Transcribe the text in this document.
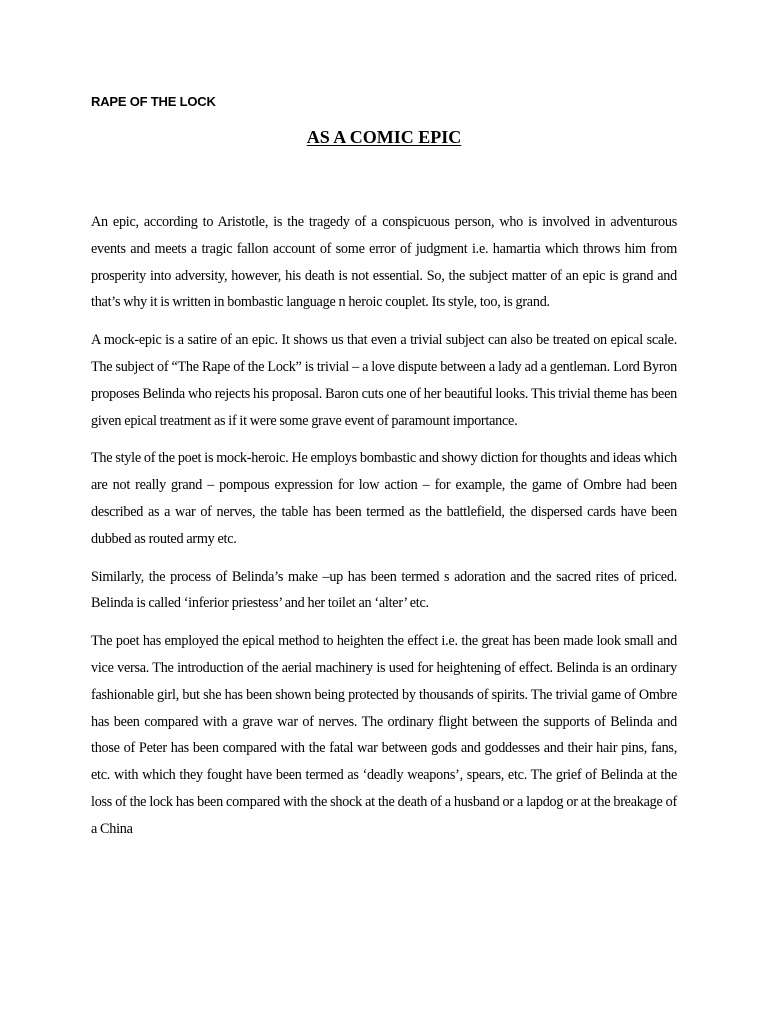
RAPE OF THE LOCK
AS A COMIC EPIC

An epic, according to Aristotle, is the tragedy of a conspicuous person, who is involved in adventurous events and meets a tragic fallon account of some error of judgment i.e. hamartia which throws him from prosperity into adversity, however, his death is not essential. So, the subject matter of an epic is grand and that’s why it is written in bombastic language n heroic couplet. Its style, too, is grand.

A mock-epic is a satire of an epic. It shows us that even a trivial subject can also be treated on epical scale. The subject of “The Rape of the Lock” is trivial – a love dispute between a lady ad a gentleman. Lord Byron proposes Belinda who rejects his proposal. Baron cuts one of her beautiful looks. This trivial theme has been given epical treatment as if it were some grave event of paramount importance.

The style of the poet is mock-heroic. He employs bombastic and showy diction for thoughts and ideas which are not really grand – pompous expression for low action – for example, the game of Ombre had been described as a war of nerves, the table has been termed as the battlefield, the dispersed cards have been dubbed as routed army etc.

Similarly, the process of Belinda’s make –up has been termed s adoration and the sacred rites of priced. Belinda is called ‘inferior priestess’ and her toilet an ‘alter’ etc.

The poet has employed the epical method to heighten the effect i.e. the great has been made look small and vice versa. The introduction of the aerial machinery is used for heightening of effect. Belinda is an ordinary fashionable girl, but she has been shown being protected by thousands of spirits. The trivial game of Ombre has been compared with a grave war of nerves. The ordinary flight between the supports of Belinda and those of Peter has been compared with the fatal war between gods and goddesses and their hair pins, fans, etc. with which they fought have been termed as ‘deadly weapons’, spears, etc. The grief of Belinda at the loss of the lock has been compared with the shock at the death of a husband or a lapdog or at the breakage of a China
